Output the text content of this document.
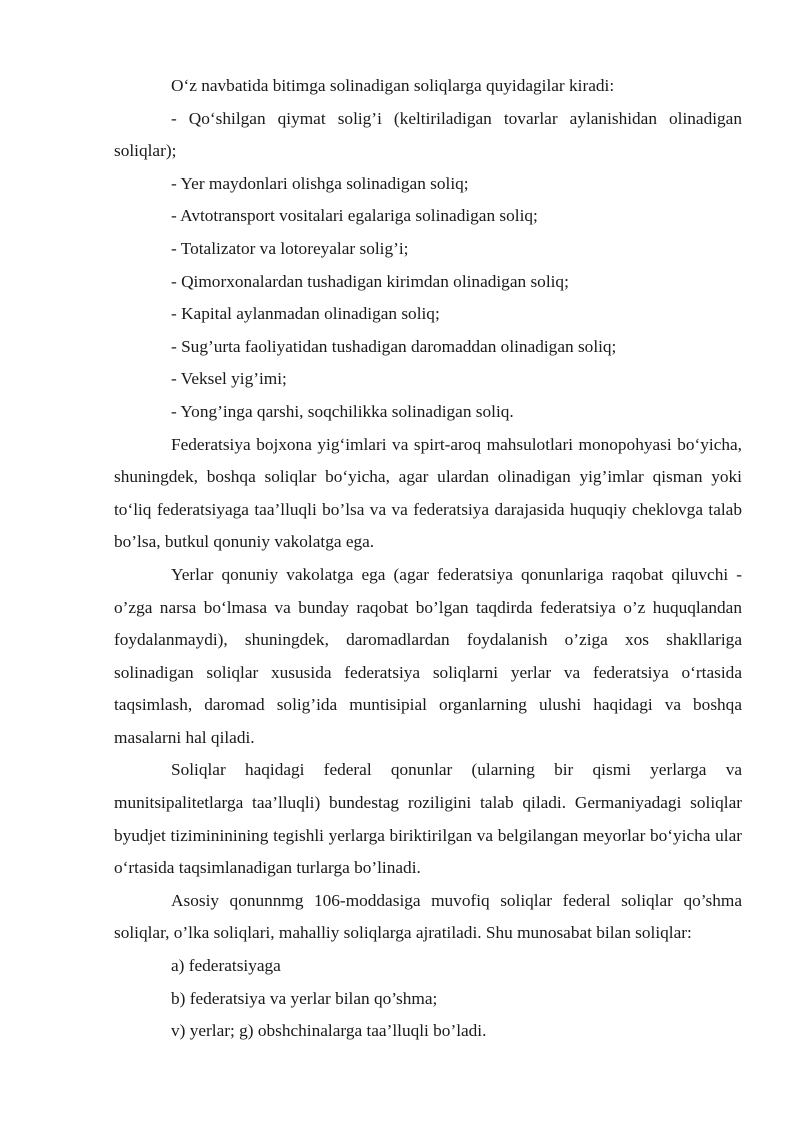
O‘z navbatida bitimga solinadigan soliqlarga quyidagilar kiradi:

- Qo‘shilgan qiymat solig’i (keltiriladigan tovarlar aylanishidan olinadigan soliqlar);

- Yer maydonlari olishga solinadigan soliq;

- Avtotransport vositalari egalariga solinadigan soliq;

- Totalizator va lotoreyalar solig’i;

- Qimorxonalardan tushadigan kirimdan olinadigan soliq;

- Kapital aylanmadan olinadigan soliq;

- Sug’urta faoliyatidan tushadigan daromaddan olinadigan soliq;

- Veksel yig’imi;

- Yong’inga qarshi, soqchilikka solinadigan soliq.

Federatsiya bojxona yig‘imlari va spirt-aroq mahsulotlari monopohyasi bo‘yicha, shuningdek, boshqa soliqlar bo‘yicha, agar ulardan olinadigan yig’imlar qisman yoki to‘liq federatsiyaga taa’lluqli bo’lsa va va federatsiya darajasida huquqiy cheklovga talab bo’lsa, butkul qonuniy vakolatga ega.

Yerlar qonuniy vakolatga ega (agar federatsiya qonunlariga raqobat qiluvchi - o’zga narsa bo‘lmasa va bunday raqobat bo’lgan taqdirda federatsiya o’z huquqlandan foydalanmaydi), shuningdek, daromadlardan foydalanish o’ziga xos shakllariga solinadigan soliqlar xususida federatsiya soliqlarni yerlar va federatsiya o‘rtasida taqsimlash, daromad solig’ida muntisipial organlarning ulushi haqidagi va boshqa masalarni hal qiladi.

Soliqlar haqidagi federal qonunlar (ularning bir qismi yerlarga va munitsipalitetlarga taa’lluqli) bundestag roziligini talab qiladi. Germaniyadagi soliqlar byudjet tizimininining tegishli yerlarga biriktirilgan va belgilangan meyorlar bo‘yicha ular o‘rtasida taqsimlanadigan turlarga bo’linadi.

Asosiy qonunnmg 106-moddasiga muvofiq soliqlar federal soliqlar qo’shma soliqlar, o’lka soliqlari, mahalliy soliqlarga ajratiladi. Shu munosabat bilan soliqlar:

a) federatsiyaga

b) federatsiya va yerlar bilan qo’shma;

v) yerlar; g) obshchinalarga taa’lluqli bo’ladi.
